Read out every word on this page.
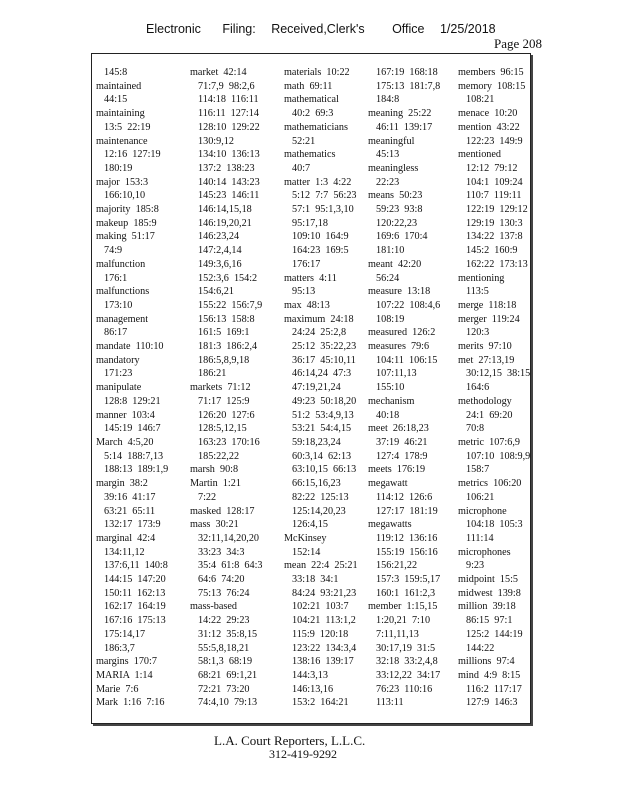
Electronic Filing: Received,Clerk's Office 1/25/2018
Page 208
145:8
maintained
44:15
maintaining
13:5  22:19
maintenance
12:16  127:19
180:19
major  153:3
166:10,10
majority  185:8
makeup  185:9
making  51:17
74:9
malfunction
176:1
malfunctions
173:10
management
86:17
mandate  110:10
mandatory
171:23
manipulate
128:8  129:21
manner  103:4
145:19  146:7
March  4:5,20
5:14  188:7,13
188:13  189:1,9
margin  38:2
39:16  41:17
63:21  65:11
132:17  173:9
marginal  42:4
134:11,12
137:6,11  140:8
144:15  147:20
150:11  162:13
162:17  164:19
167:16  175:13
175:14,17
186:3,7
margins  170:7
MARIA  1:14
Marie  7:6
Mark  1:16  7:16
market  42:14
71:7,9  98:2,6
114:18  116:11
116:11  127:14
128:10  129:22
130:9,12
134:10  136:13
137:2  138:23
140:14  143:23
145:23  146:11
146:14,15,18
146:19,20,21
146:23,24
147:2,4,14
149:3,6,16
152:3,6  154:2
154:6,21
155:22  156:7,9
156:13  158:8
161:5  169:1
181:3  186:2,4
186:5,8,9,18
186:21
markets  71:12
71:17  125:9
126:20  127:6
128:5,12,15
163:23  170:16
185:22,22
marsh  90:8
Martin  1:21
7:22
masked  128:17
mass  30:21
32:11,14,20,20
33:23  34:3
35:4  61:8  64:3
64:6  74:20
75:13  76:24
mass-based
14:22  29:23
31:12  35:8,15
55:5,8,18,21
58:1,3  68:19
68:21  69:1,21
72:21  73:20
74:4,10  79:13
materials  10:22
math  69:11
mathematical
40:2  69:3
mathematicians
52:21
mathematics
40:7
matter  1:3  4:22
5:12  7:7  56:23
57:1  95:1,3,10
95:17,18
109:10  164:9
164:23  169:5
176:17
matters  4:11
95:13
max  48:13
maximum  24:18
24:24  25:2,8
25:12  35:22,23
36:17  45:10,11
46:14,24  47:3
47:19,21,24
49:23  50:18,20
51:2  53:4,9,13
53:21  54:4,15
59:18,23,24
60:3,14  62:13
63:10,15  66:13
66:15,16,23
82:22  125:13
125:14,20,23
126:4,15
McKinsey
152:14
mean  22:4  25:21
33:18  34:1
84:24  93:21,23
102:21  103:7
104:21  113:1,2
115:9  120:18
123:22  134:3,4
138:16  139:17
144:3,13
146:13,16
153:2  164:21
167:19  168:18
175:13  181:7,8
184:8
meaning  25:22
46:11  139:17
meaningful
45:13
meaningless
22:23
means  50:23
59:23  93:8
120:22,23
169:6  170:4
181:10
meant  42:20
56:24
measure  13:18
107:22  108:4,6
108:19
measured  126:2
measures  79:6
104:11  106:15
107:11,13
155:10
mechanism
40:18
meet  26:18,23
37:19  46:21
127:4  178:9
meets  176:19
megawatt
114:12  126:6
127:17  181:19
megawatts
119:12  136:16
155:19  156:16
156:21,22
157:3  159:5,17
160:1  161:2,3
member  1:15,15
1:20,21  7:10
7:11,11,13
30:17,19  31:5
32:18  33:2,4,8
33:12,22  34:17
76:23  110:16
113:11
members  96:15
memory  108:15
108:21
menace  10:20
mention  43:22
122:23  149:9
mentioned
12:12  79:12
104:1  109:24
110:7  119:11
122:19  129:12
129:19  130:3
134:22  137:8
145:2  160:9
162:22  173:13
mentioning
113:5
merge  118:18
merger  119:24
120:3
merits  97:10
met  27:13,19
30:12,15  38:15
164:6
methodology
24:1  69:20
70:8
metric  107:6,9
107:10  108:9,9
158:7
metrics  106:20
106:21
microphone
104:18  105:3
111:14
microphones
9:23
midpoint  15:5
midwest  139:8
million  39:18
86:15  97:1
125:2  144:19
144:22
millions  97:4
mind  4:9  8:15
116:2  117:17
127:9  146:3
L.A. Court Reporters, L.L.C.
312-419-9292
